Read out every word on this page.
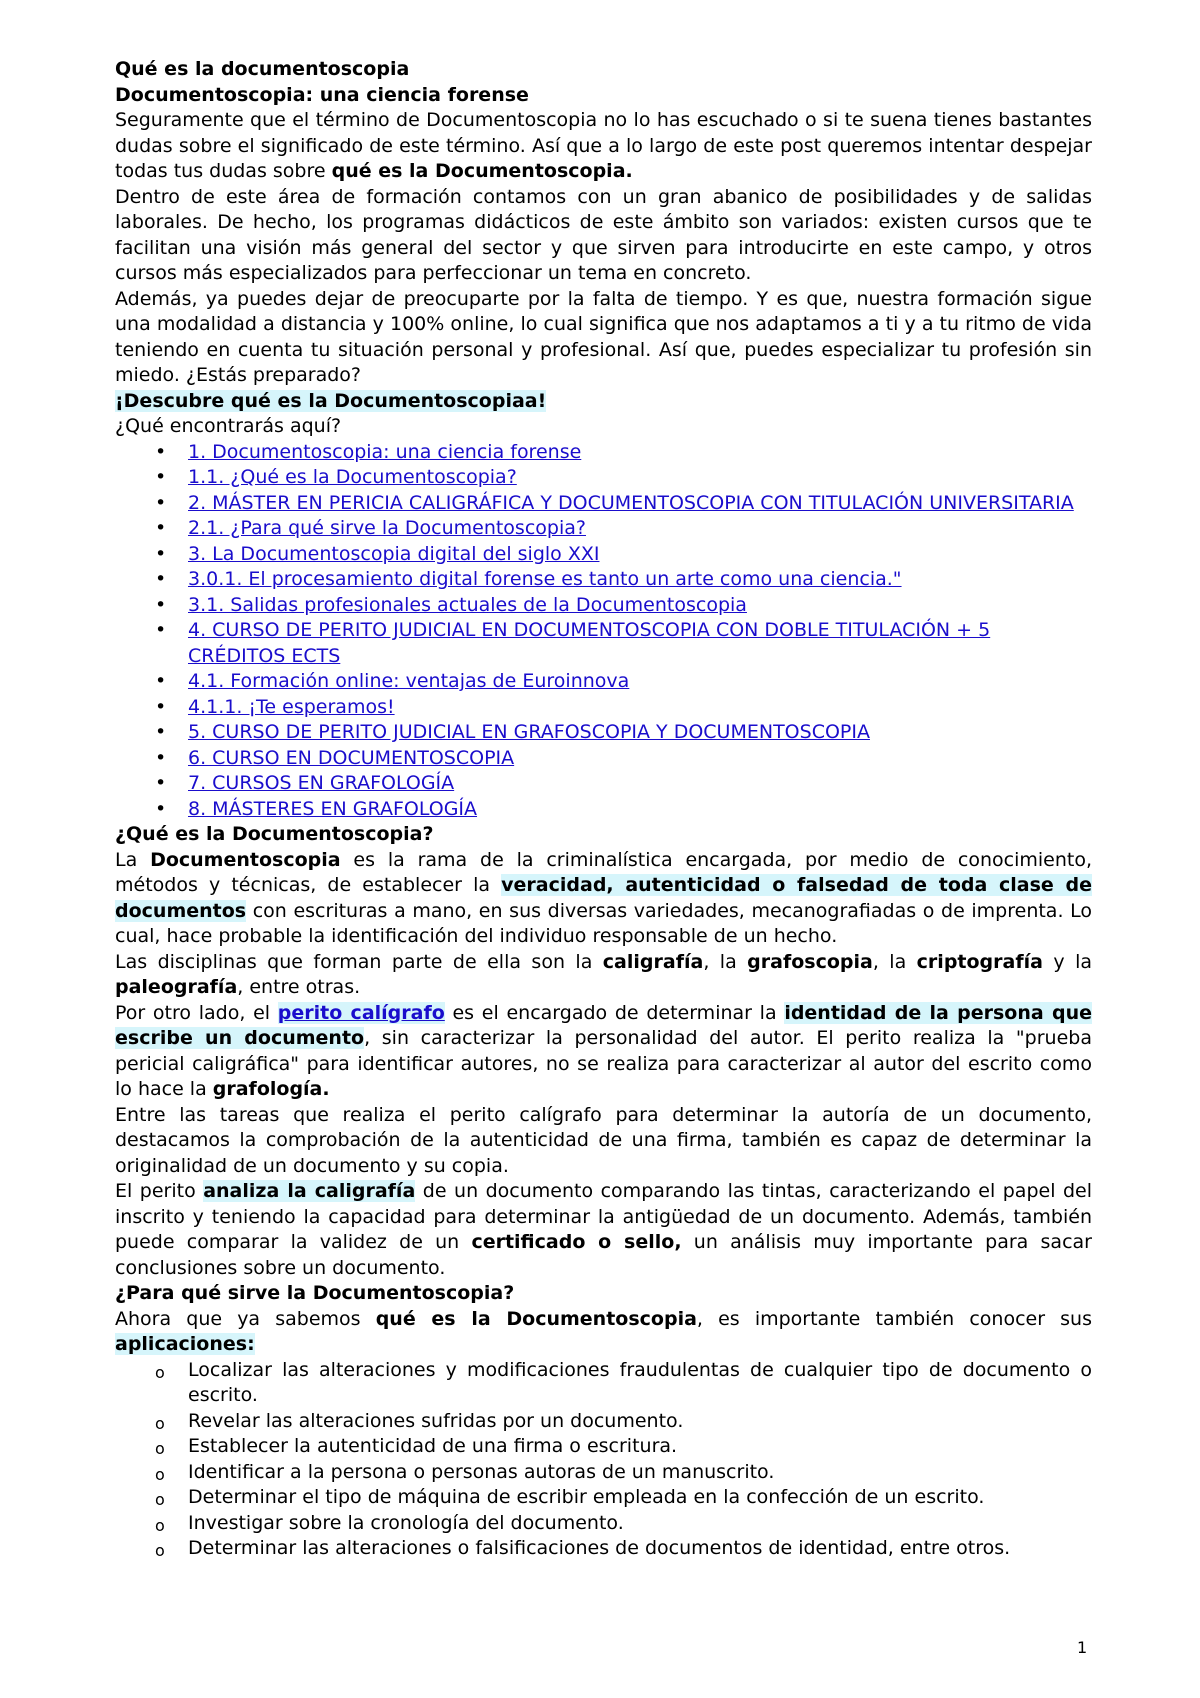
Qué es la documentoscopia

Documentoscopia: una ciencia forense

Seguramente que el término de Documentoscopia no lo has escuchado o si te suena tienes bastantes dudas sobre el significado de este término. Así que a lo largo de este post queremos intentar despejar todas tus dudas sobre qué es la Documentoscopia.

Dentro de este área de formación contamos con un gran abanico de posibilidades y de salidas laborales. De hecho, los programas didácticos de este ámbito son variados: existen cursos que te facilitan una visión más general del sector y que sirven para introducirte en este campo, y otros cursos más especializados para perfeccionar un tema en concreto.

Además, ya puedes dejar de preocuparte por la falta de tiempo. Y es que, nuestra formación sigue una modalidad a distancia y 100% online, lo cual significa que nos adaptamos a ti y a tu ritmo de vida teniendo en cuenta tu situación personal y profesional. Así que, puedes especializar tu profesión sin miedo. ¿Estás preparado?

¡Descubre qué es la Documentoscopiaa!

¿Qué encontrarás aquí?

• 1. Documentoscopia: una ciencia forense
• 1.1. ¿Qué es la Documentoscopia?
• 2. MÁSTER EN PERICIA CALIGRÁFICA Y DOCUMENTOSCOPIA CON TITULACIÓN UNIVERSITARIA
• 2.1. ¿Para qué sirve la Documentoscopia?
• 3. La Documentoscopia digital del siglo XXI
• 3.0.1. El procesamiento digital forense es tanto un arte como una ciencia."
• 3.1. Salidas profesionales actuales de la Documentoscopia
• 4. CURSO DE PERITO JUDICIAL EN DOCUMENTOSCOPIA CON DOBLE TITULACIÓN + 5 CRÉDITOS ECTS
• 4.1. Formación online: ventajas de Euroinnova
• 4.1.1. ¡Te esperamos!
• 5. CURSO DE PERITO JUDICIAL EN GRAFOSCOPIA Y DOCUMENTOSCOPIA
• 6. CURSO EN DOCUMENTOSCOPIA
• 7. CURSOS EN GRAFOLOGÍA
• 8. MÁSTERES EN GRAFOLOGÍA

¿Qué es la Documentoscopia?

La Documentoscopia es la rama de la criminalística encargada, por medio de conocimiento, métodos y técnicas, de establecer la veracidad, autenticidad o falsedad de toda clase de documentos con escrituras a mano, en sus diversas variedades, mecanografiadas o de imprenta. Lo cual, hace probable la identificación del individuo responsable de un hecho.

Las disciplinas que forman parte de ella son la caligrafía, la grafoscopia, la criptografía y la paleografía, entre otras.

Por otro lado, el perito calígrafo es el encargado de determinar la identidad de la persona que escribe un documento, sin caracterizar la personalidad del autor. El perito realiza la "prueba pericial caligráfica" para identificar autores, no se realiza para caracterizar al autor del escrito como lo hace la grafología.

Entre las tareas que realiza el perito calígrafo para determinar la autoría de un documento, destacamos la comprobación de la autenticidad de una firma, también es capaz de determinar la originalidad de un documento y su copia.

El perito analiza la caligrafía de un documento comparando las tintas, caracterizando el papel del inscrito y teniendo la capacidad para determinar la antigüedad de un documento. Además, también puede comparar la validez de un certificado o sello, un análisis muy importante para sacar conclusiones sobre un documento.

¿Para qué sirve la Documentoscopia?

Ahora que ya sabemos qué es la Documentoscopia, es importante también conocer sus aplicaciones:

o Localizar las alteraciones y modificaciones fraudulentas de cualquier tipo de documento o escrito.
o Revelar las alteraciones sufridas por un documento.
o Establecer la autenticidad de una firma o escritura.
o Identificar a la persona o personas autoras de un manuscrito.
o Determinar el tipo de máquina de escribir empleada en la confección de un escrito.
o Investigar sobre la cronología del documento.
o Determinar las alteraciones o falsificaciones de documentos de identidad, entre otros.
1
